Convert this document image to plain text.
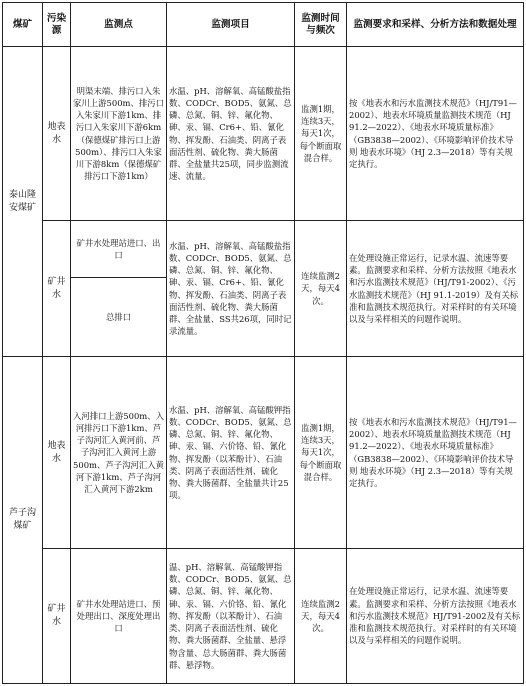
煤矿	污染源	监测点	监测项目	监测时间与频次	监测要求和采样、分析方法和数据处理
泰山隆安煤矿	地表水	明渠末端、排污口入朱家川上游500m、排污口入朱家川下游1km、排污口入朱家川下游6km（保德煤矿排污口上游500m）、排污口入朱家川下游8km（保德煤矿排污口下游1km）	水温、pH、溶解氧、高锰酸盐指数、CODCr、BOD5、氨氮、总磷、总氮、铜、锌、氟化物、砷、汞、镉、Cr6+、铅、氰化物、挥发酚、石油类、阴离子表面活性剂、硫化物、粪大肠菌群、全盐量共25项，同步监测流速、流量。	监测1期，连续3天，每天1次，每个断面取混合样。	按《地表水和污水监测技术规范》（HJ/T91—2002）、地表水环境质量监测技术规范（HJ 91.2—2022）、《地表水环境质量标准》（GB3838—2002）、《环境影响评价技术导则 地表水环境》（HJ 2.3—2018）等有关规定执行。
	矿井水	矿井水处理站进口、出口	水温、pH、溶解氧、高锰酸盐指数、CODCr、BOD5、氨氮、总磷、总氮、铜、锌、氟化物、砷、汞、镉、Cr6+、铅、氰化物、挥发酚、石油类、阴离子表面活性剂、硫化物、粪大肠菌群、全盐量、SS共26项，同时记录流量。	连续监测2天，每天4次。	在处理设施正常运行，记录水温、流速等要素。监测要求和采样、分析方法按照《地表水和污水监测技术规范》（HJ/T91-2002）、《污水监测技术规范》（HJ 91.1-2019）及有关标准和监测技术规范执行。对采样时的有关环境以及与采样相关的问题作说明。
		总排口			
芦子沟煤矿	地表水	入河排口上游500m、入河排污口下游1km、芦子沟河汇入黄河前、芦子沟河汇入黄河上游500m、芦子沟河汇入黄河下游1km、芦子沟河汇入黄河下游2km	水温、pH、溶解氧、高锰酸钾指数、CODCr、BOD5、氨氮、总磷、总氮、铜、锌、氟化物、砷、汞、镉、六价铬、铅、氰化物、挥发酚（以苯酚计）、石油类、阴离子表面活性剂、硫化物、粪大肠菌群、全盐量共计25项。	监测1期，连续3天，每天1次，每个断面取混合样。	按《地表水和污水监测技术规范》（HJ/T91—2002）、地表水环境质量监测技术规范（HJ 91.2—2022）、《地表水环境质量标准》（GB3838—2002）、《环境影响评价技术导则 地表水环境》（HJ 2.3—2018）等有关规定执行。
	矿井水	矿井水处理站进口、预处理出口、深度处理出口	温、pH、溶解氧、高锰酸钾指数、CODCr、BOD5、氨氮、总磷、总氮、铜、锌、氟化物、砷、汞、镉、六价铬、铅、氰化物、挥发酚（以苯酚计）、石油类、阴离子表面活性剂、硫化物、粪大肠菌群、全盐量、悬浮物含量、总大肠菌群、粪大肠菌群、悬浮物。	连续监测2天，每天4次。	在处理设施正常运行，记录水温、流速等要素。监测要求和采样、分析方法按照《地表水和污水监测技术规范》HJ/T91-2002及有关标准和监测技术规范执行。对采样时的有关环境以及与采样相关的问题作说明。
